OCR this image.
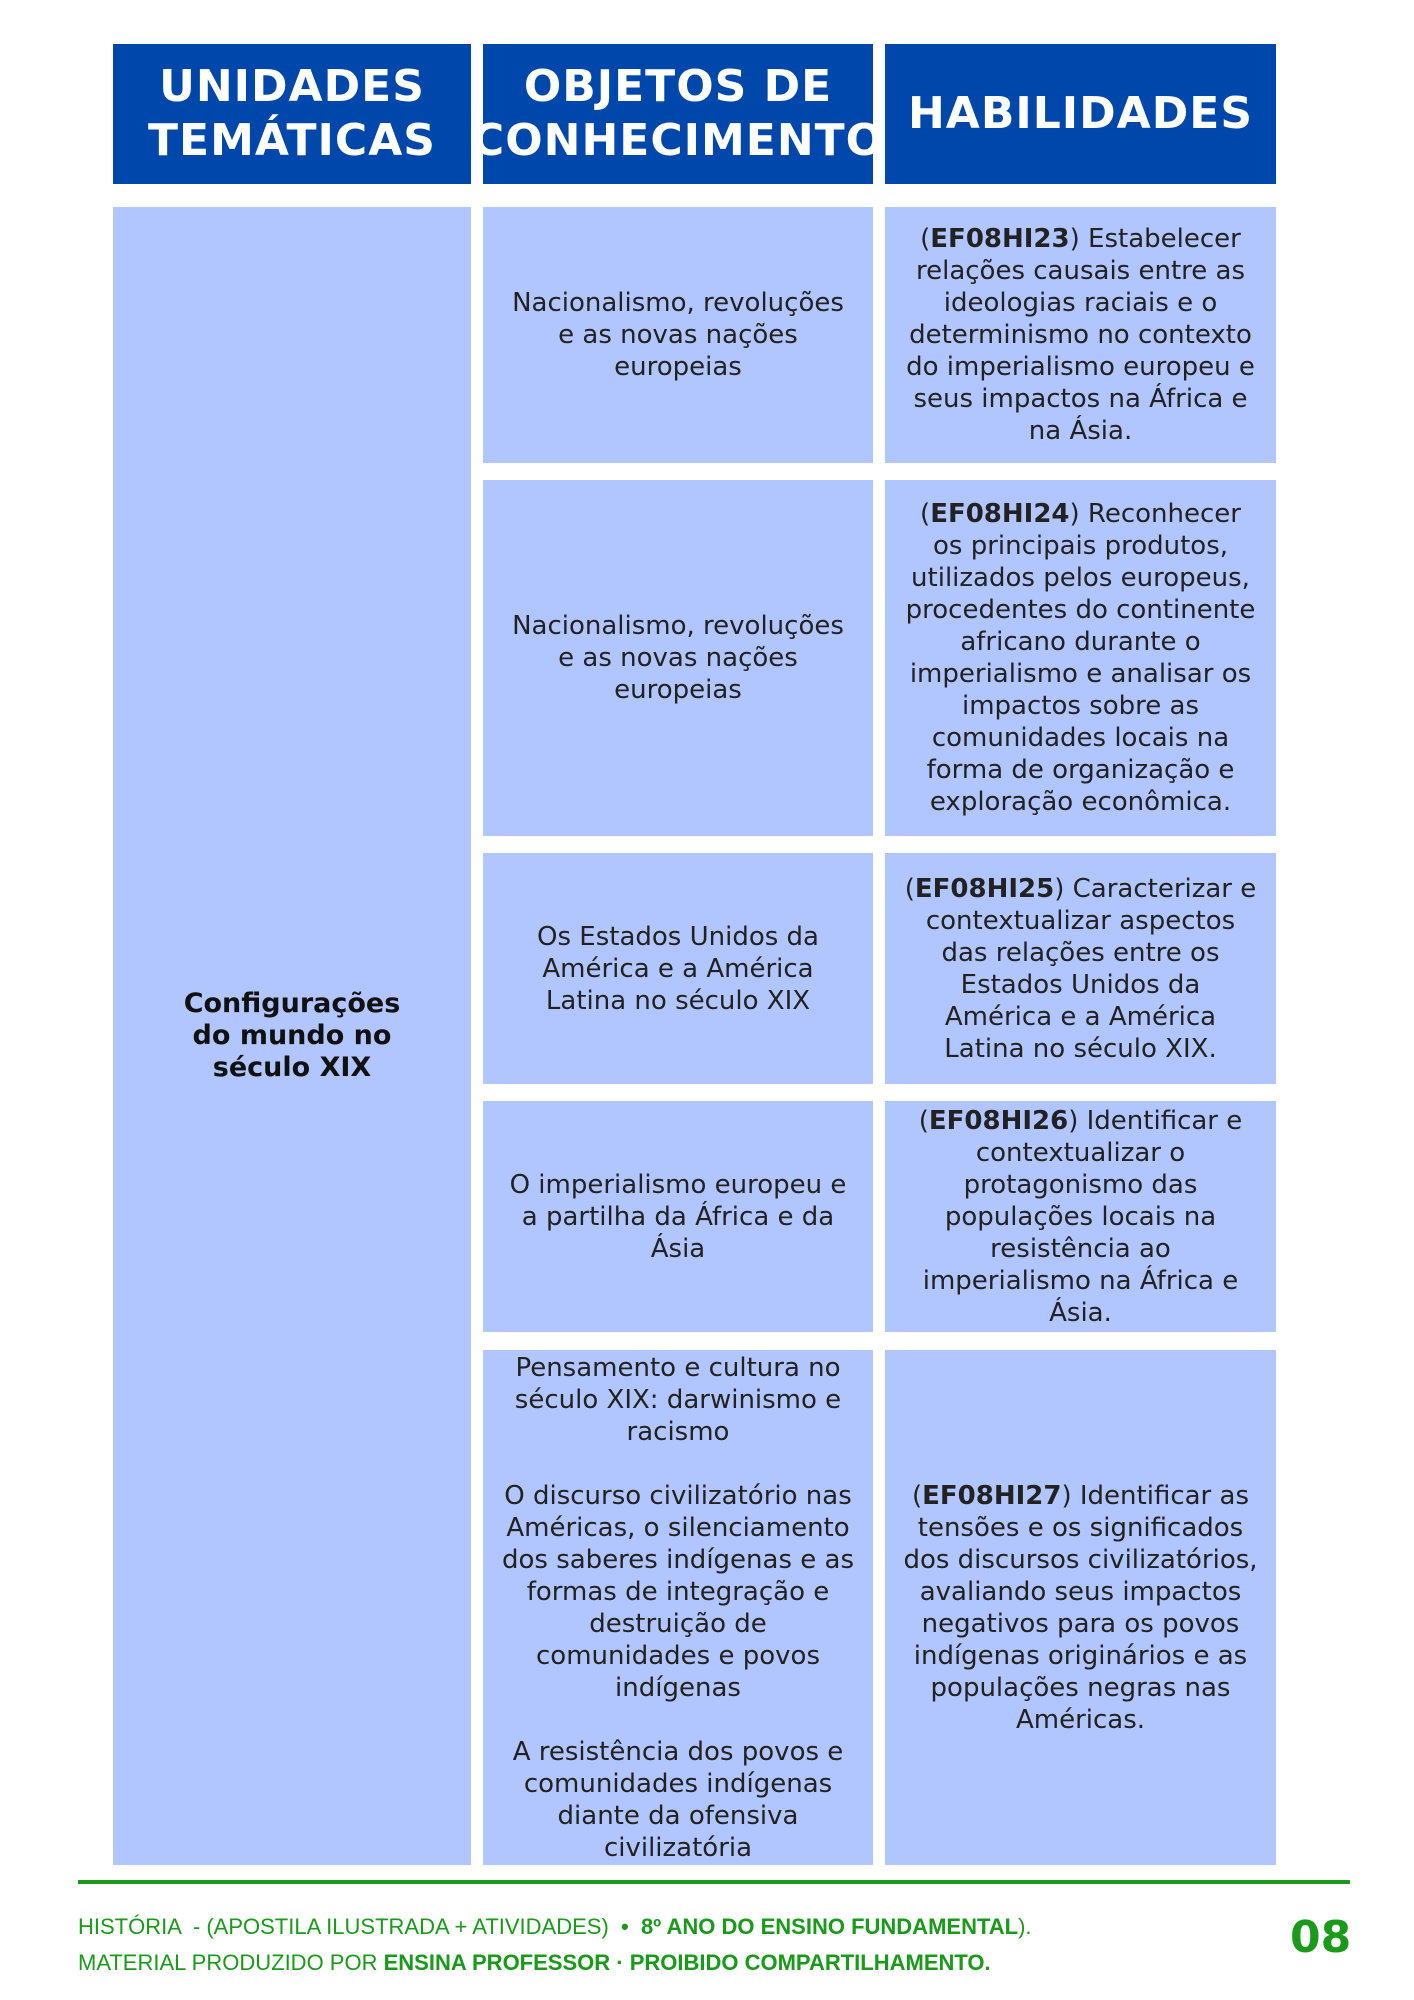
UNIDADES
TEMÁTICAS
OBJETOS DE
CONHECIMENTO
HABILIDADES
Configurações do mundo no século XIX
Nacionalismo, revoluções e as novas nações europeias
(EF08HI23) Estabelecer relações causais entre as ideologias raciais e o determinismo no contexto do imperialismo europeu e seus impactos na África e na Ásia.
Nacionalismo, revoluções e as novas nações europeias
(EF08HI24) Reconhecer os principais produtos, utilizados pelos europeus, procedentes do continente africano durante o imperialismo e analisar os impactos sobre as comunidades locais na forma de organização e exploração econômica.
Os Estados Unidos da América e a América Latina no século XIX
(EF08HI25) Caracterizar e contextualizar aspectos das relações entre os Estados Unidos da América e a América Latina no século XIX.
O imperialismo europeu e a partilha da África e da Ásia
(EF08HI26) Identificar e contextualizar o protagonismo das populações locais na resistência ao imperialismo na África e Ásia.
Pensamento e cultura no século XIX: darwinismo e racismo
O discurso civilizatório nas Américas, o silenciamento dos saberes indígenas e as formas de integração e destruição de comunidades e povos indígenas
A resistência dos povos e comunidades indígenas diante da ofensiva civilizatória
(EF08HI27) Identificar as tensões e os significados dos discursos civilizatórios, avaliando seus impactos negativos para os povos indígenas originários e as populações negras nas Américas.
HISTÓRIA  - (APOSTILA ILUSTRADA + ATIVIDADES)  •  8º ANO DO ENSINO FUNDAMENTAL).
MATERIAL PRODUZIDO POR ENSINA PROFESSOR · PROIBIDO COMPARTILHAMENTO.	08
